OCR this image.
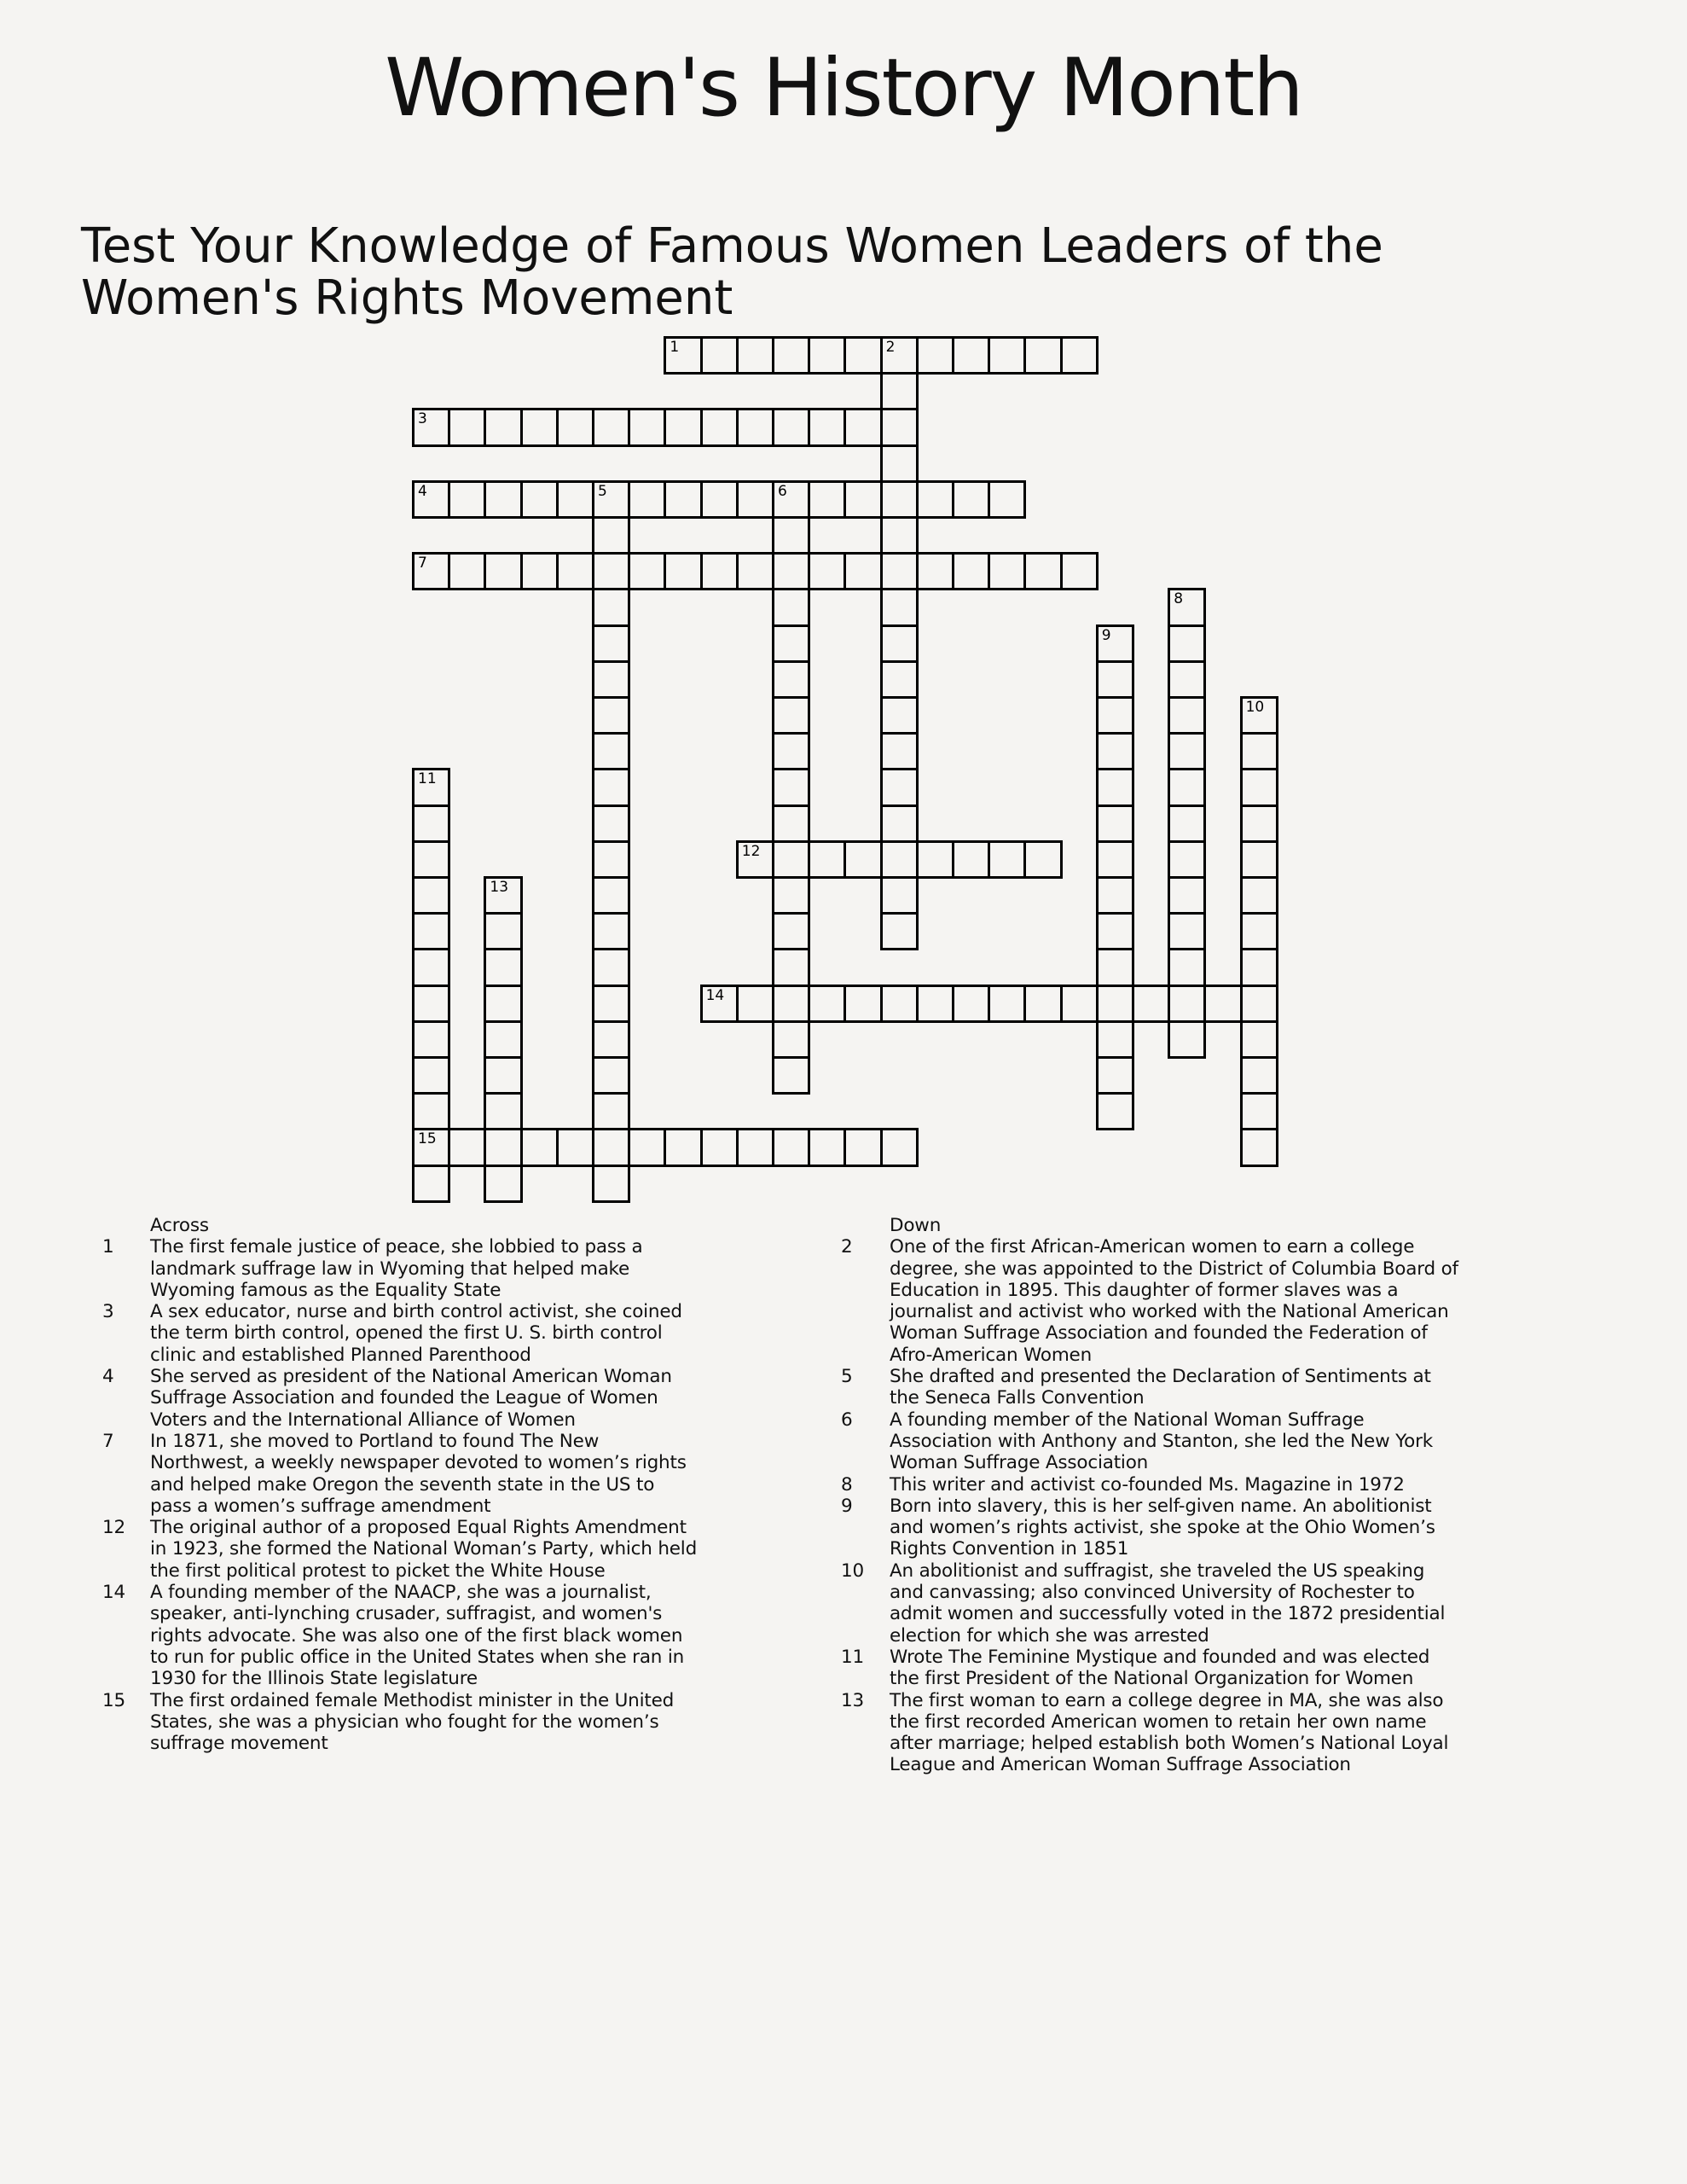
Women's History Month
Test Your Knowledge of Famous Women Leaders of the Women's Rights Movement
1	2
3
4	5	6
7
8
9
10
11
12
13
14
15
Across
1	The first female justice of peace, she lobbied to pass a landmark suffrage law in Wyoming that helped make Wyoming famous as the Equality State
3	A sex educator, nurse and birth control activist, she coined the term birth control, opened the first U. S. birth control clinic and established Planned Parenthood
4	She served as president of the National American Woman Suffrage Association and founded the League of Women Voters and the International Alliance of Women
7	In 1871, she moved to Portland to found The New Northwest, a weekly newspaper devoted to women’s rights and helped make Oregon the seventh state in the US to pass a women’s suffrage amendment
12	The original author of a proposed Equal Rights Amendment in 1923, she formed the National Woman’s Party, which held the first political protest to picket the White House
14	A founding member of the NAACP, she was a journalist, speaker, anti-lynching crusader, suffragist, and women's rights advocate. She was also one of the first black women to run for public office in the United States when she ran in 1930 for the Illinois State legislature
15	The first ordained female Methodist minister in the United States, she was a physician who fought for the women’s suffrage movement
Down
2	One of the first African-American women to earn a college degree, she was appointed to the District of Columbia Board of Education in 1895. This daughter of former slaves was a journalist and activist who worked with the National American Woman Suffrage Association and founded the Federation of Afro-American Women
5	She drafted and presented the Declaration of Sentiments at the Seneca Falls Convention
6	A founding member of the National Woman Suffrage Association with Anthony and Stanton, she led the New York Woman Suffrage Association
8	This writer and activist co-founded Ms. Magazine in 1972
9	Born into slavery, this is her self-given name. An abolitionist and women’s rights activist, she spoke at the Ohio Women’s Rights Convention in 1851
10	An abolitionist and suffragist, she traveled the US speaking and canvassing; also convinced University of Rochester to admit women and successfully voted in the 1872 presidential election for which she was arrested
11	Wrote The Feminine Mystique and founded and was elected the first President of the National Organization for Women
13	The first woman to earn a college degree in MA, she was also the first recorded American women to retain her own name after marriage; helped establish both Women’s National Loyal League and American Woman Suffrage Association
